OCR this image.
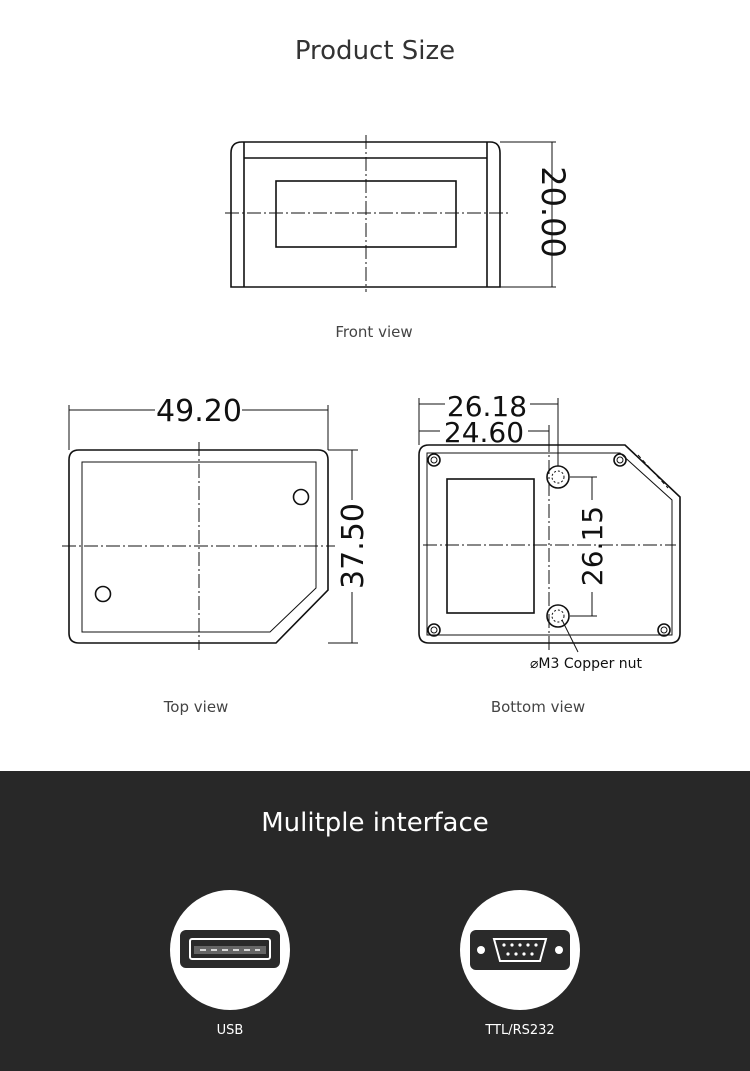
Product Size
20.00
Front view
49.20
37.50
Top view
26.18
24.60
26.15
⌀M3 Copper nut
Bottom view
Mulitple interface
USB	TTL/RS232
